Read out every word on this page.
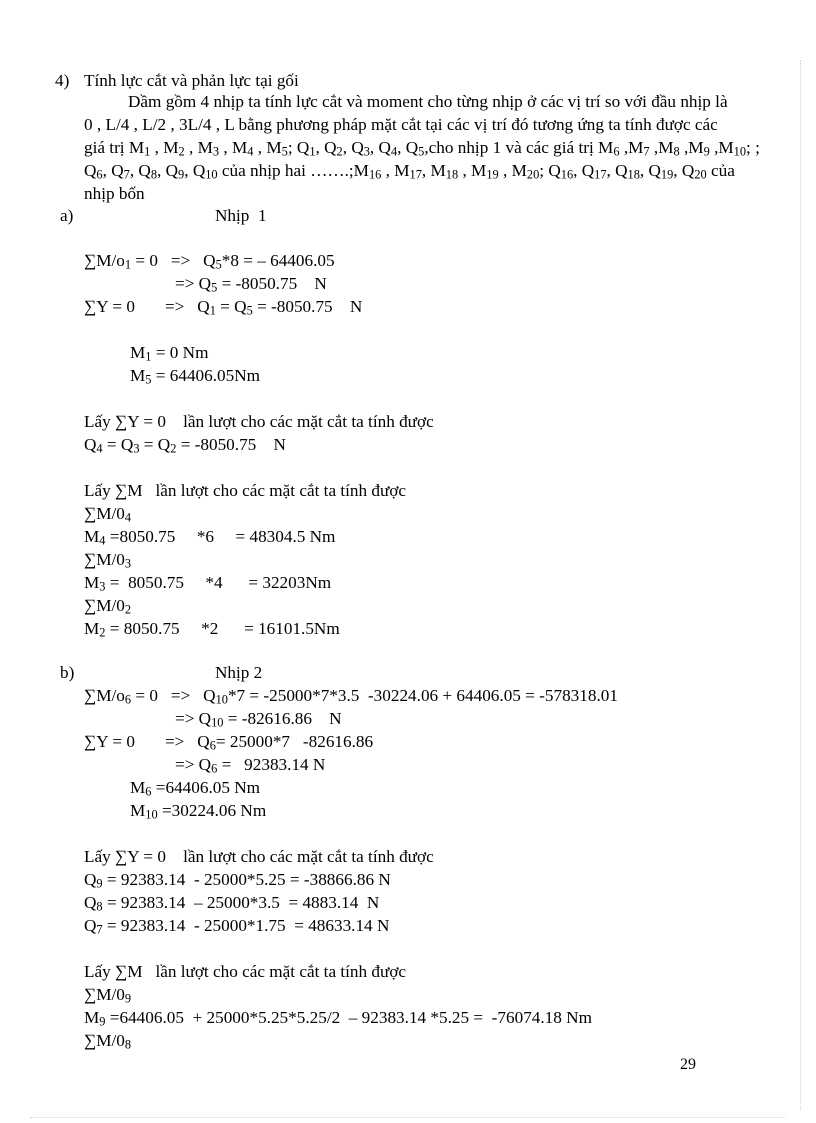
4) Tính lực cắt và phản lực tại gối
Dầm gồm 4 nhịp ta tính lực cắt và moment cho từng nhịp ở các vị trí so với đầu nhịp là
0 , L/4 , L/2 , 3L/4 , L bằng phương pháp mặt cắt tại các vị trí đó tương ứng ta tính được các
giá trị $M_1$ , $M_2$ , $M_3$ , $M_4$ , $M_5$; $Q_1$, $Q_2$, $Q_3$, $Q_4$, $Q_5,cho$ nhịp 1 và các giá trị $M_6$ $,M_7$ $,M_8$ $,M_9$ $,M_{10}$; ;
$Q_6$, $Q_7$, $Q_8$, $Q_9$, $Q_{10}$ của nhịp hai $\dots\dots.;M_{16}$ , $M_{17}$, $M_{18}$ , $M_{19}$ , $M_{20}$; $Q_{16}$, $Q_{17}$, $Q_{18}$, $Q_{19}$, $Q_{20}$ của
nhịp bốn
a)	Nhịp  1
$\sum M/o_1 = 0 => Q_5*8$ = – 64406.05
=> $Q_5 = -8050.75$    N
∑Y = 0       =>   $Q_1 = Q_5 = -8050.75$    N
$M_1 = 0$ Nm
$M_5 = 64406.05Nm$
Lấy ∑Y = 0    lần lượt cho các mặt cắt ta tính được
$Q_4 = Q_3 = Q_2 = -8050.75$    N
Lấy ∑M   lần lượt cho các mặt cắt ta tính được
$\sum M/0_4$
$M_4 =8050.75$     *6     = 48304.5 Nm
$\sum M/0_3$
$M_3 = 8050.75$     *4      = 32203Nm
$\sum M/0_2$
$M_2 = 8050.75$     *2      = 16101.5Nm
b)	Nhịp 2
$\sum M/o_6 = 0 => Q_{10}*7 = -25000*7*3.5$  -30224.06 + 64406.05 = -578318.01
=> $Q_{10} = -82616.86$    N
∑Y = 0       =>   $Q_6= 25000*7$   -82616.86
=> $Q_6 = 92383.14$ N
$M_6 =64406.05$ Nm
$M_{10} =30224.06$ Nm
Lấy ∑Y = 0    lần lượt cho các mặt cắt ta tính được
$Q_9 = 92383.14 - 25000*5.25 = -38866.86$ N
$Q_8 = 92383.14 - 25000*3.5 = 4883.14$  N
$Q_7 = 92383.14 - 25000*1.75 = 48633.14$ N
Lấy ∑M   lần lượt cho các mặt cắt ta tính được
$\sum M/0_9$
$M_9 =64406.05 + 25000*5.25*5.25/2 - 92383.14$ *5.25 =  -76074.18 Nm
$\sum M/0_8$
29
